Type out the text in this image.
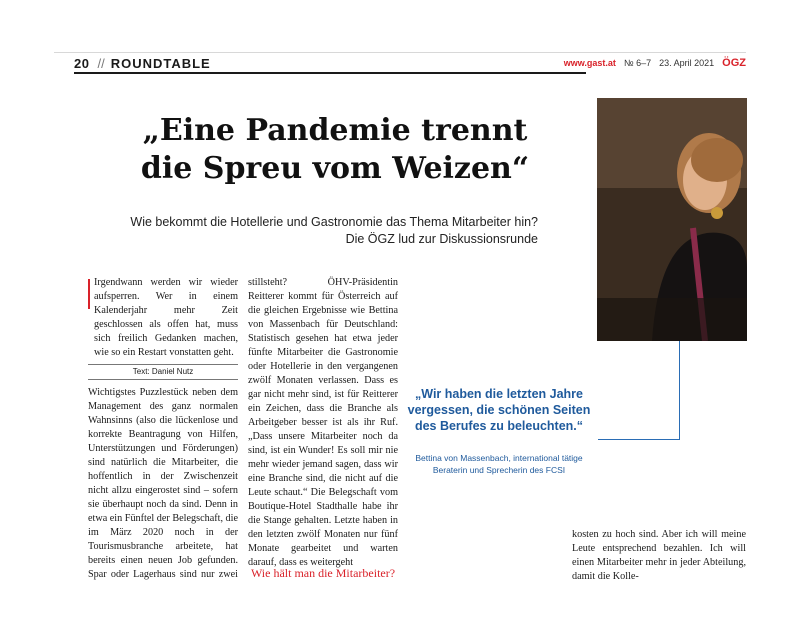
20 // ROUNDTABLE	www.gast.at № 6–7 23. April 2021 ÖGZ
„Eine Pandemie trennt die Spreu vom Weizen“
Wie bekommt die Hotellerie und Gastronomie das Thema Mitarbeiter hin?
Die ÖGZ lud zur Diskussionsrunde

Irgendwann werden wir wieder aufsperren. Wer in einem Kalenderjahr mehr Zeit geschlossen als offen hat, muss sich freilich Gedanken machen, wie so ein Restart vonstatten geht.

Text: Daniel Nutz

Wichtigstes Puzzlestück neben dem Management des ganz normalen Wahnsinns (also die lückenlose und korrekte Beantragung von Hilfen, Unterstützungen und Förderungen) sind natürlich die Mitarbeiter, die hoffentlich in der Zwischenzeit nicht allzu eingerostet sind – sofern sie überhaupt noch da sind. Denn in etwa ein Fünftel der Belegschaft, die im März 2020 noch in der Tourismusbranche arbeitete, hat bereits einen neuen Job gefunden. Spar oder Lagerhaus sind nur zwei

stillsteht? ÖHV-Präsidentin Reitterer kommt für Österreich auf die gleichen Ergebnisse wie Bettina von Massenbach für Deutschland: Statistisch gesehen hat etwa jeder fünfte Mitarbeiter die Gastronomie oder Hotellerie in den vergangenen zwölf Monaten verlassen. Dass es gar nicht mehr sind, ist für Reitterer ein Zeichen, dass die Branche als Arbeitgeber besser ist als ihr Ruf. „Dass unsere Mitarbeiter noch da sind, ist ein Wunder! Es soll mir nie mehr wieder jemand sagen, dass wir eine Branche sind, die nicht auf die Leute schaut.“ Die Belegschaft vom Boutique-Hotel Stadthalle habe ihr die Stange gehalten. Letzte haben in den letzten zwölf Monaten nur fünf Monate gearbeitet und warten darauf, dass es weitergeht

Wie hält man die Mitarbeiter?
„Wir haben die letzten Jahre vergessen, die schönen Seiten des Berufes zu beleuchten.“
Bettina von Massenbach, international tätige Beraterin und Sprecherin des FCSI

kosten zu hoch sind. Aber ich will meine Leute entsprechend bezahlen. Ich will einen Mitarbeiter mehr in jeder Abteilung, damit die Kolle-
